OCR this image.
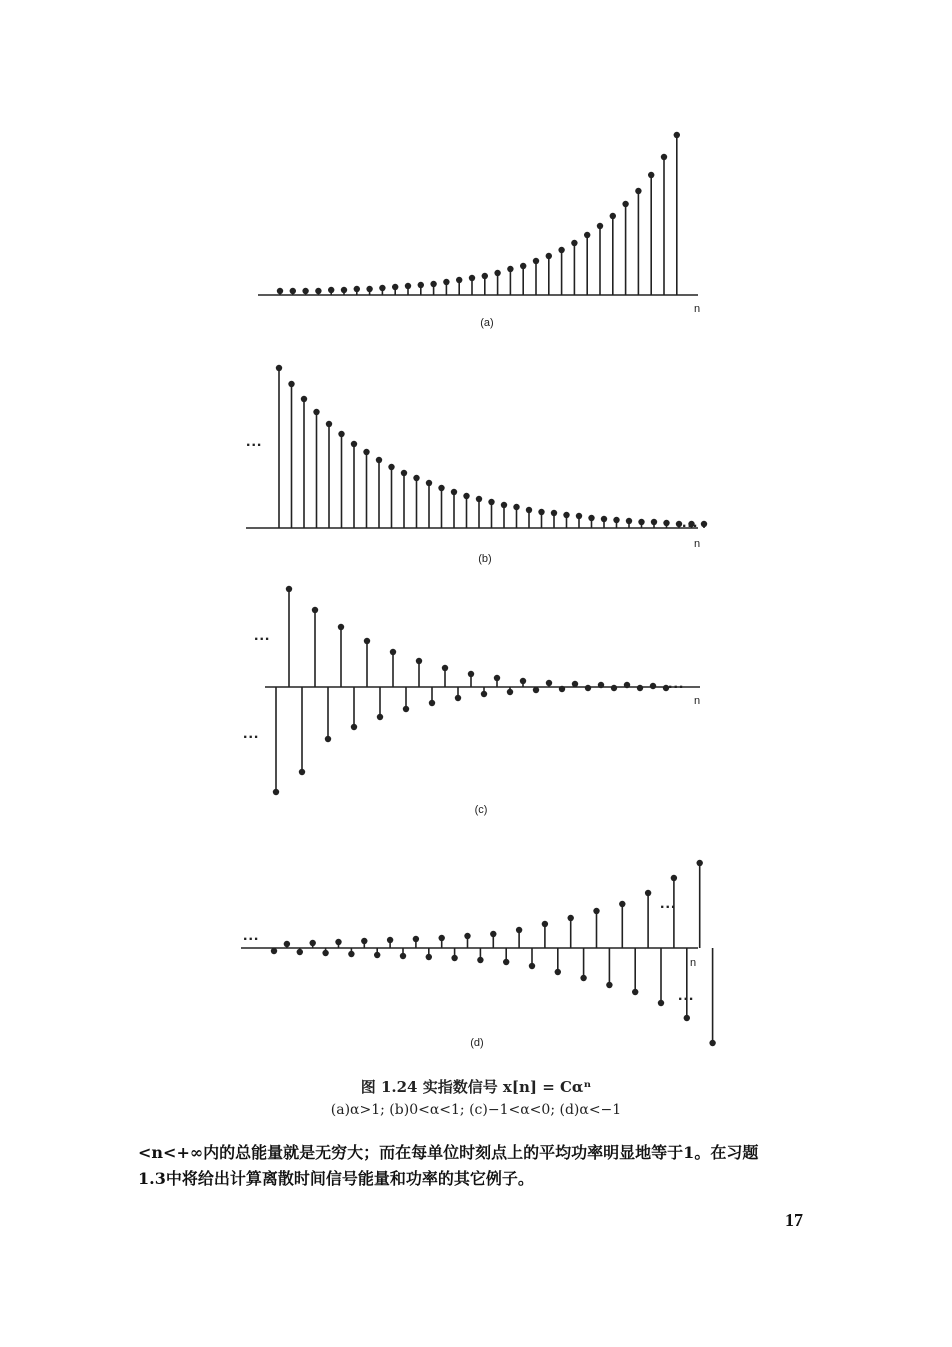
n
(a)
n
(b)
...
...
n
(c)
...
...
...
n
(d)
...
...
...
图 1.24 实指数信号 x[n] = Cαⁿ
(a)α>1; (b)0<α<1; (c)−1<α<0; (d)α<−1

<n<+∞内的总能量就是无穷大；而在每单位时刻点上的平均功率明显地等于1。在习题

1.3中将给出计算离散时间信号能量和功率的其它例子。

17
